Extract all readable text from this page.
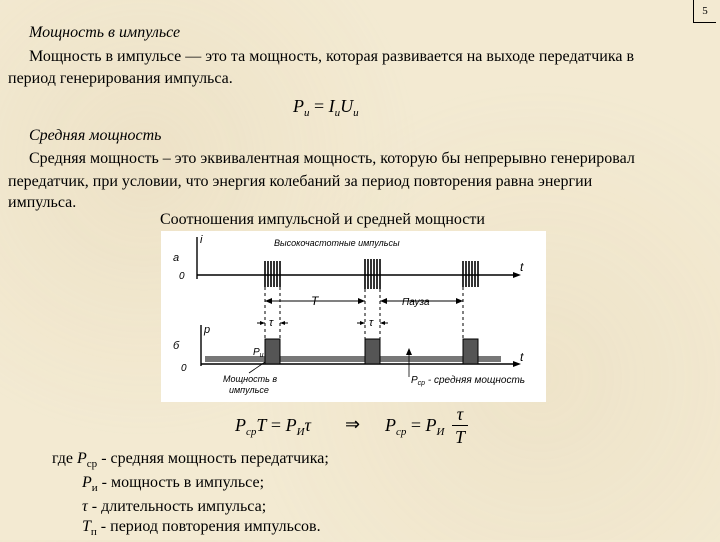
5
Мощность в импульсе
Мощность в импульсе — это та мощность, которая развивается на выходе передатчика в
период генерирования импульса.
$P_и = I_иU_и$
Средняя мощность
Средняя мощность – это эквивалентная мощность, которую бы непрерывно генерировал
передатчик, при условии, что энергия колебаний за период повторения равна энергии
импульса.
Соотношения импульсной и средней мощности
а
i
0
t
Высокочастотные импульсы
T	Пауза
τ	τ
б
p
0
t
$P_и$
Мощность в
импульсе
$P_{ср}$ - средняя мощность
$P_{ср}T = P_И\tau$ ⇒ $P_{ср} = P_И$
τ
T
где $P_{ср}$ - средняя мощность передатчика;
$P_и$ - мощность в импульсе;
τ - длительность импульса;
$T_п$ - период повторения импульсов.
